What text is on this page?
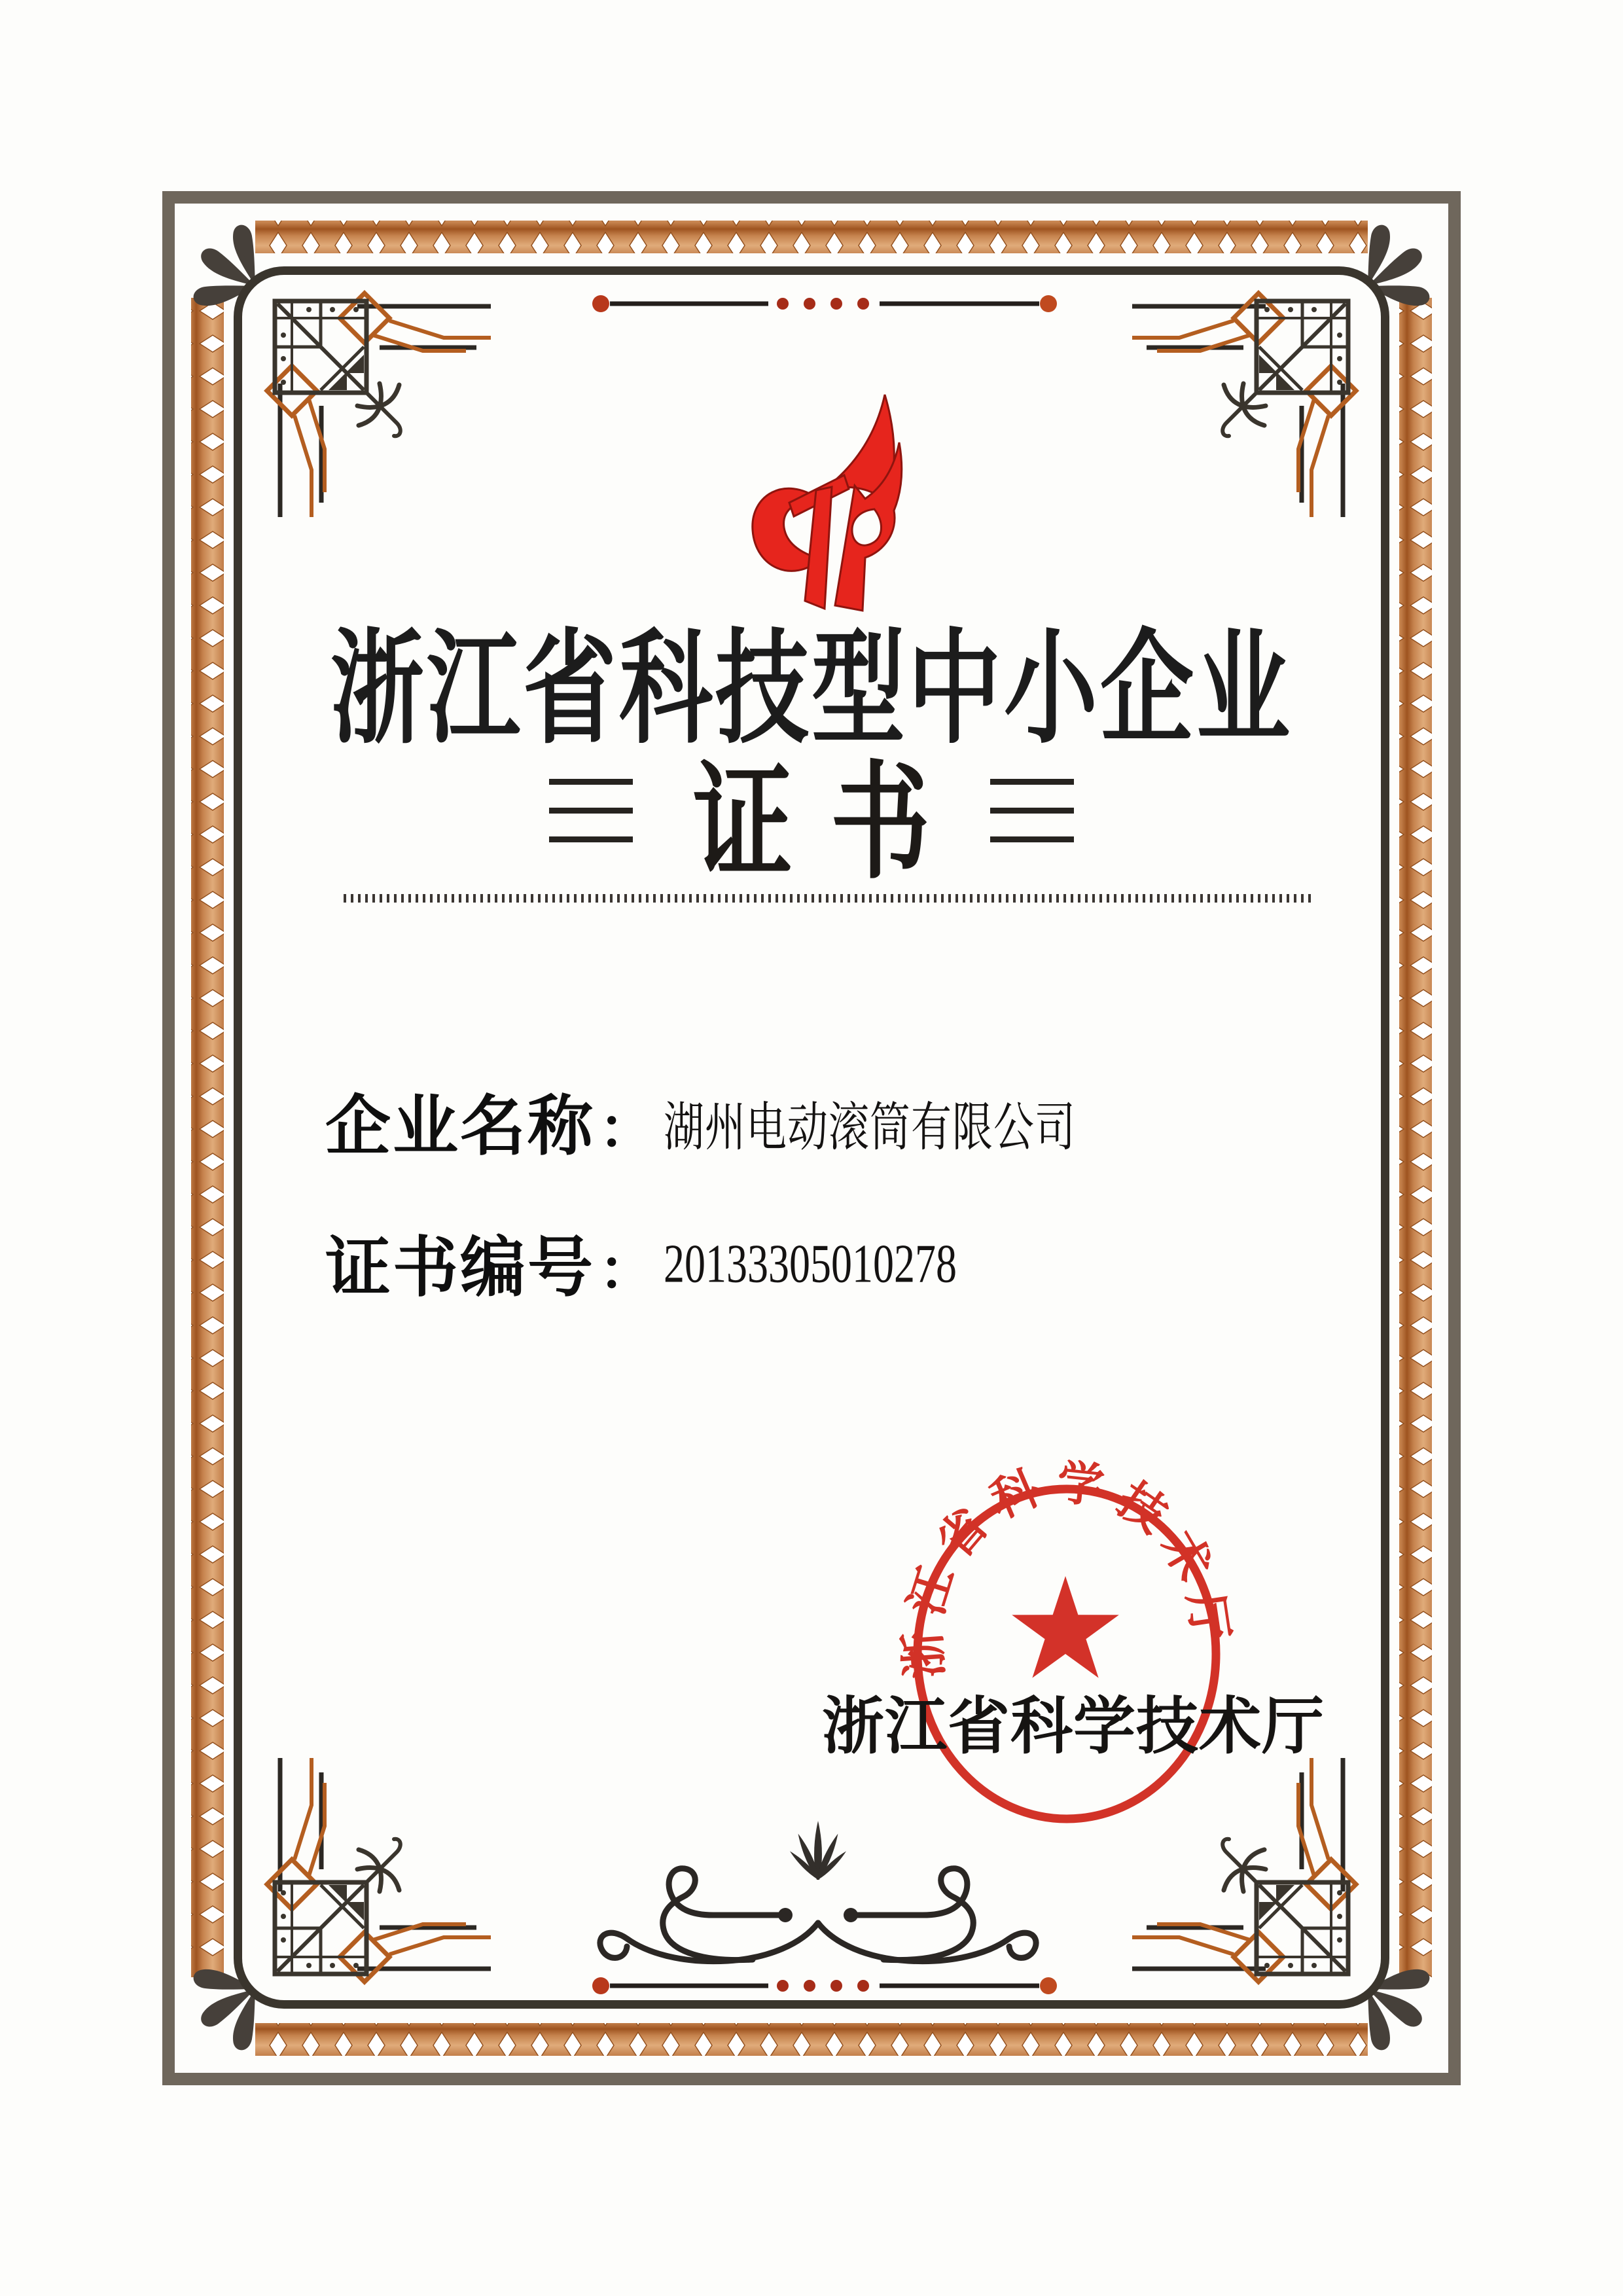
浙江省科学技术厅
浙江省科技型中小企业
证书
企业名称 ： 湖州电动滚筒有限公司
证书编号 ： 20133305010278
浙江省科学技术厅
